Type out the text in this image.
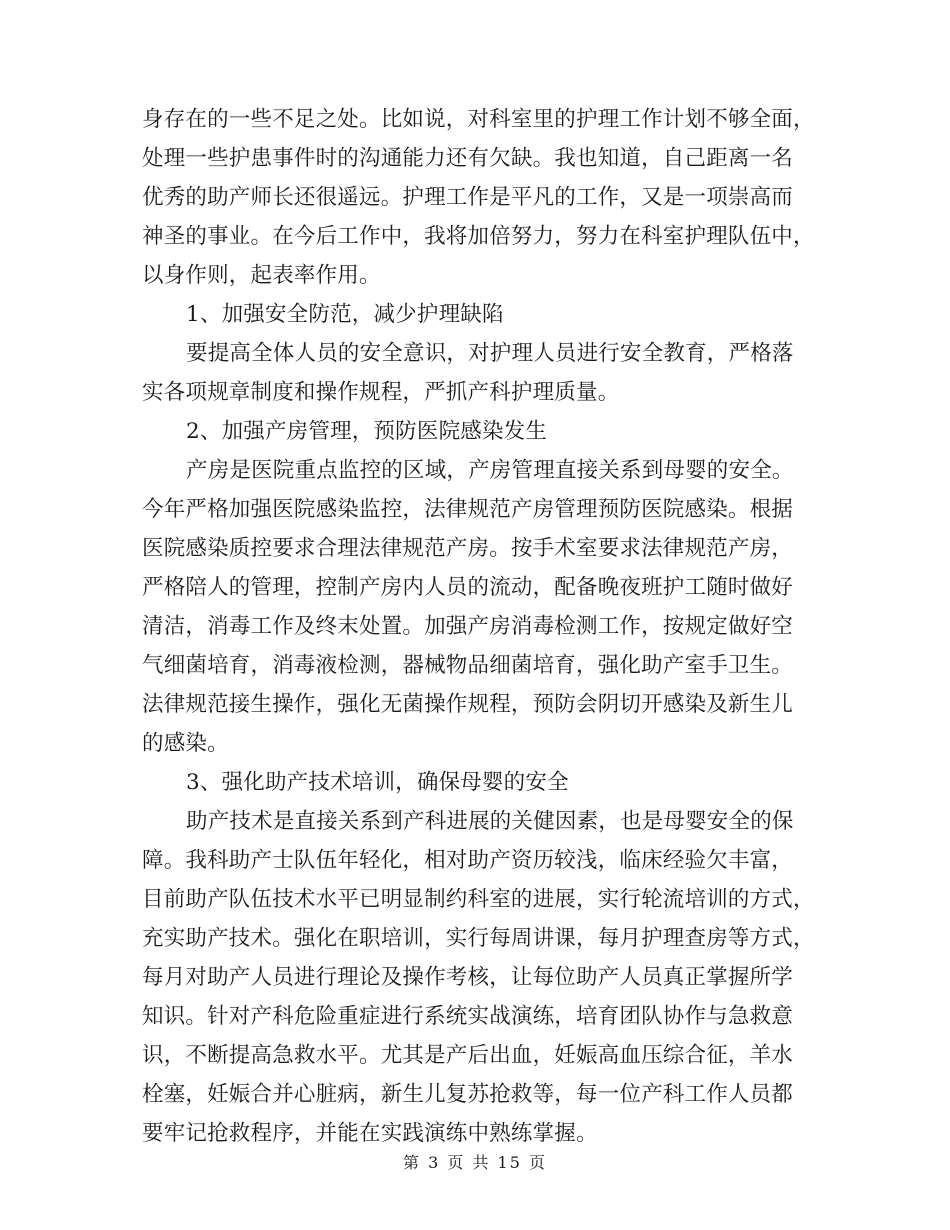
身存在的一些不足之处。比如说，对科室里的护理工作计划不够全面，
处理一些护患事件时的沟通能力还有欠缺。我也知道，自己距离一名
优秀的助产师长还很遥远。护理工作是平凡的工作，又是一项崇高而
神圣的事业。在今后工作中，我将加倍努力，努力在科室护理队伍中，
以身作则，起表率作用。
1、加强安全防范，减少护理缺陷
要提高全体人员的安全意识，对护理人员进行安全教育，严格落
实各项规章制度和操作规程，严抓产科护理质量。
2、加强产房管理，预防医院感染发生
产房是医院重点监控的区域，产房管理直接关系到母婴的安全。
今年严格加强医院感染监控，法律规范产房管理预防医院感染。根据
医院感染质控要求合理法律规范产房。按手术室要求法律规范产房，
严格陪人的管理，控制产房内人员的流动，配备晚夜班护工随时做好
清洁，消毒工作及终末处置。加强产房消毒检测工作，按规定做好空
气细菌培育，消毒液检测，器械物品细菌培育，强化助产室手卫生。
法律规范接生操作，强化无菌操作规程，预防会阴切开感染及新生儿
的感染。
3、强化助产技术培训，确保母婴的安全
助产技术是直接关系到产科进展的关健因素，也是母婴安全的保
障。我科助产士队伍年轻化，相对助产资历较浅，临床经验欠丰富，
目前助产队伍技术水平已明显制约科室的进展，实行轮流培训的方式，
充实助产技术。强化在职培训，实行每周讲课，每月护理查房等方式，
每月对助产人员进行理论及操作考核，让每位助产人员真正掌握所学
知识。针对产科危险重症进行系统实战演练，培育团队协作与急救意
识，不断提高急救水平。尤其是产后出血，妊娠高血压综合征，羊水
栓塞，妊娠合并心脏病，新生儿复苏抢救等，每一位产科工作人员都
要牢记抢救程序，并能在实践演练中熟练掌握。
第 3 页 共 15 页
